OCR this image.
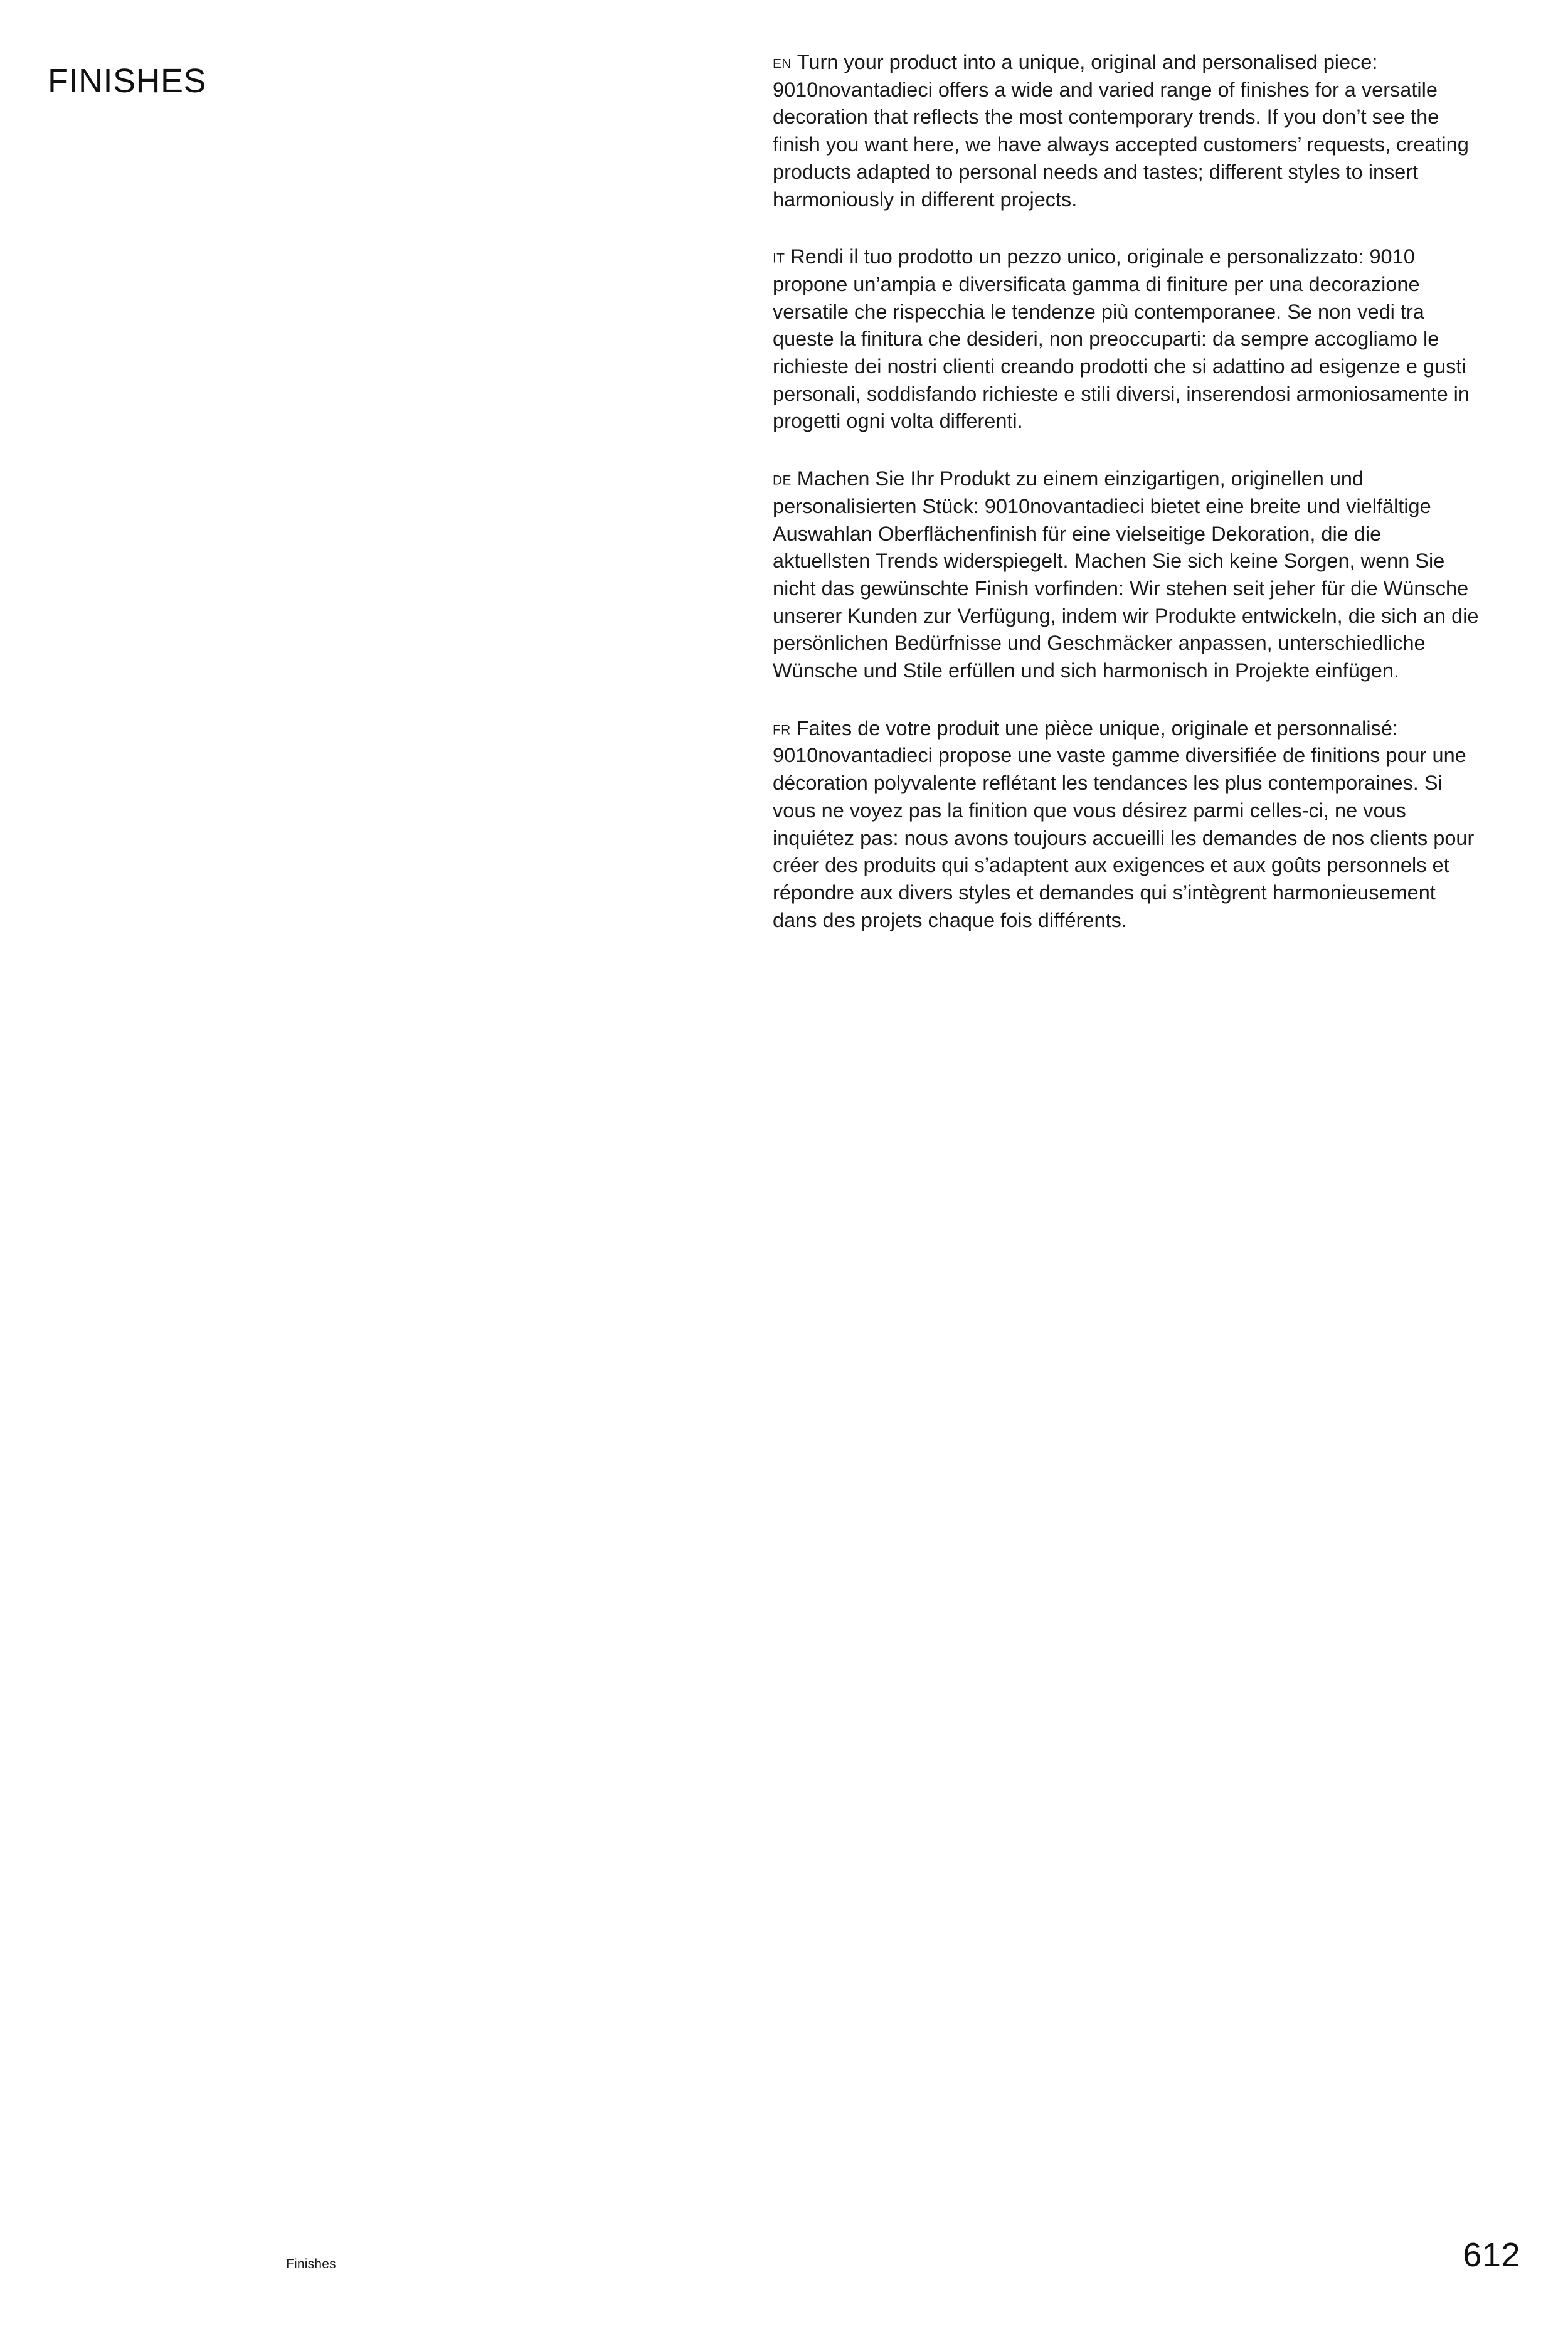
FINISHES	EN Turn your product into a unique, original and personalised piece: 9010novantadieci offers a wide and varied range of finishes for a versatile decoration that reflects the most contemporary trends. If you don’t see the finish you want here, we have always accepted customers’ requests, creating products adapted to personal needs and tastes; different styles to insert harmoniously in different projects.

IT Rendi il tuo prodotto un pezzo unico, originale e personalizzato: 9010 propone un’ampia e diversificata gamma di finiture per una decorazione versatile che rispecchia le tendenze più contemporanee. Se non vedi tra queste la finitura che desideri, non preoccuparti: da sempre accogliamo le richieste dei nostri clienti creando prodotti che si adattino ad esigenze e gusti personali, soddisfando richieste e stili diversi, inserendosi armoniosamente in progetti ogni volta differenti.

DE Machen Sie Ihr Produkt zu einem einzigartigen, originellen und personalisierten Stück: 9010novantadieci bietet eine breite und vielfältige Auswahlan Oberflächenfinish für eine vielseitige Dekoration, die die aktuellsten Trends widerspiegelt. Machen Sie sich keine Sorgen, wenn Sie nicht das gewünschte Finish vorfinden: Wir stehen seit jeher für die Wünsche unserer Kunden zur Verfügung, indem wir Produkte entwickeln, die sich an die persönlichen Bedürfnisse und Geschmäcker anpassen, unterschiedliche Wünsche und Stile erfüllen und sich harmonisch in Projekte einfügen.

FR Faites de votre produit une pièce unique, originale et personnalisé: 9010novantadieci propose une vaste gamme diversifiée de finitions pour une décoration polyvalente reflétant les tendances les plus contemporaines. Si vous ne voyez pas la finition que vous désirez parmi celles-ci, ne vous inquiétez pas: nous avons toujours accueilli les demandes de nos clients pour créer des produits qui s’adaptent aux exigences et aux goûts personnels et répondre aux divers styles et demandes qui s’intègrent harmonieusement dans des projets chaque fois différents.

Finishes	612
